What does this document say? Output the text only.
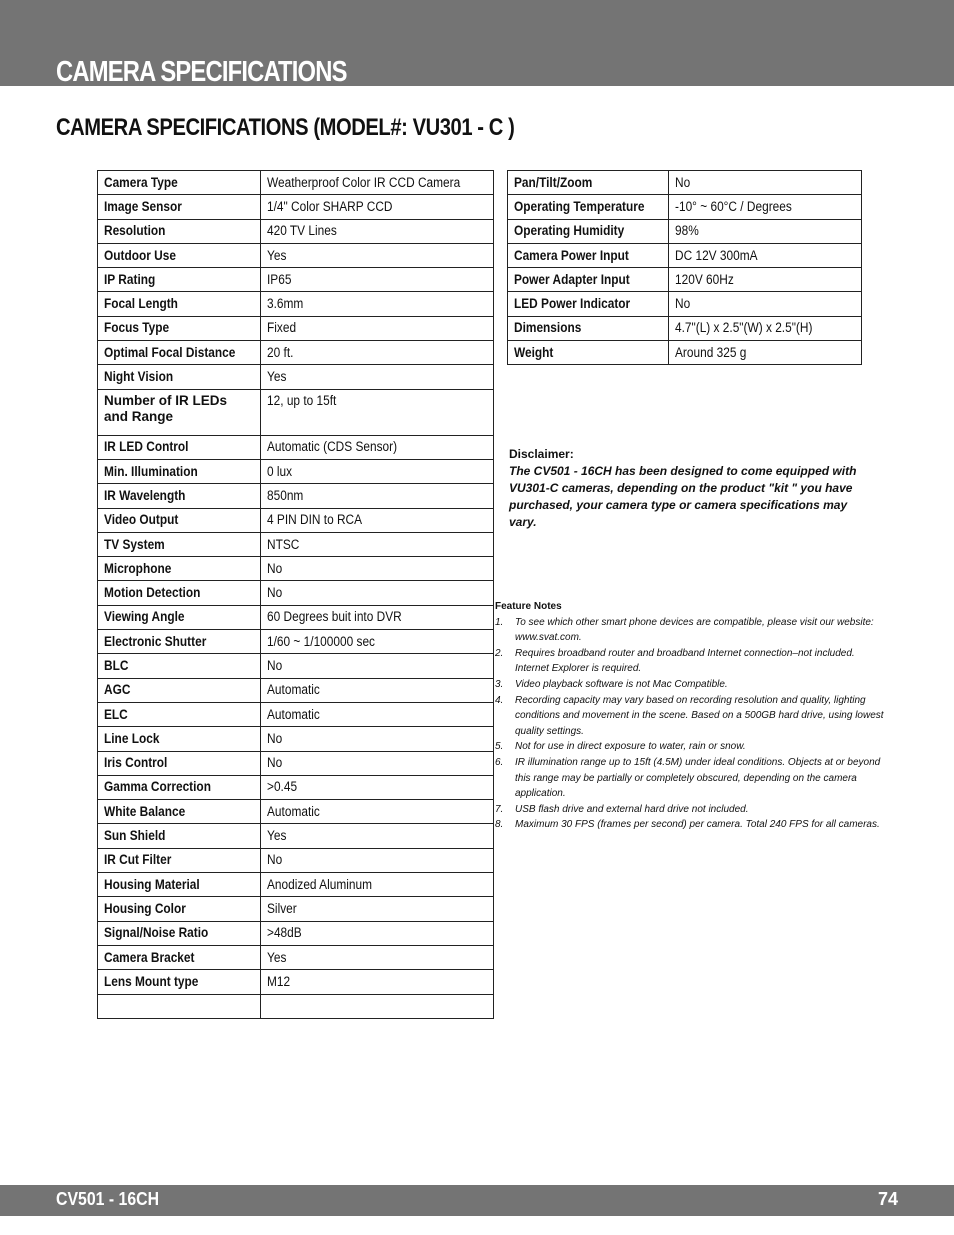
CAMERA SPECIFICATIONS
CAMERA SPECIFICATIONS (MODEL#: VU301 - C )
Camera Type	Weatherproof Color IR CCD Camera
Image Sensor	1/4" Color SHARP CCD
Resolution	420 TV Lines
Outdoor Use	Yes
IP Rating	IP65
Focal Length	3.6mm
Focus Type	Fixed
Optimal Focal Distance	20 ft.
Night Vision	Yes
Number of IR LEDs and Range	12, up to 15ft
IR LED Control	Automatic (CDS Sensor)
Min. Illumination	0 lux
IR Wavelength	850nm
Video Output	4 PIN DIN to RCA
TV System	NTSC
Microphone	No
Motion Detection	No
Viewing Angle	60 Degrees buit into DVR
Electronic Shutter	1/60 ~ 1/100000 sec
BLC	No
AGC	Automatic
ELC	Automatic
Line Lock	No
Iris Control	No
Gamma Correction	>0.45
White Balance	Automatic
Sun Shield	Yes
IR Cut Filter	No
Housing Material	Anodized Aluminum
Housing Color	Silver
Signal/Noise Ratio	>48dB
Camera Bracket	Yes
Lens Mount type	M12

Pan/Tilt/Zoom	No
Operating Temperature	-10° ~ 60°C / Degrees
Operating Humidity	98%
Camera Power Input	DC 12V 300mA
Power Adapter Input	120V 60Hz
LED Power Indicator	No
Dimensions	4.7"(L) x 2.5"(W) x 2.5"(H)
Weight	Around 325 g
Disclaimer:
The CV501 - 16CH has been designed to come equipped with VU301-C cameras, depending on the product "kit " you have purchased, your camera type or camera specifications may vary.
Feature Notes
1.	To see which other smart phone devices are compatible, please visit our website: www.svat.com.
2.	Requires broadband router and broadband Internet connection–not included. Internet Explorer is required.
3.	Video playback software is not Mac Compatible.
4.	Recording capacity may vary based on recording resolution and quality, lighting conditions and movement in the scene. Based on a 500GB hard drive, using lowest quality settings.
5.	Not for use in direct exposure to water, rain or snow.
6.	IR illumination range up to 15ft (4.5M) under ideal conditions. Objects at or beyond this range may be partially or completely obscured, depending on the camera application.
7.	USB flash drive and external hard drive not included.
8.	Maximum 30 FPS (frames per second) per camera. Total 240 FPS for all cameras.
CV501 - 16CH	74
